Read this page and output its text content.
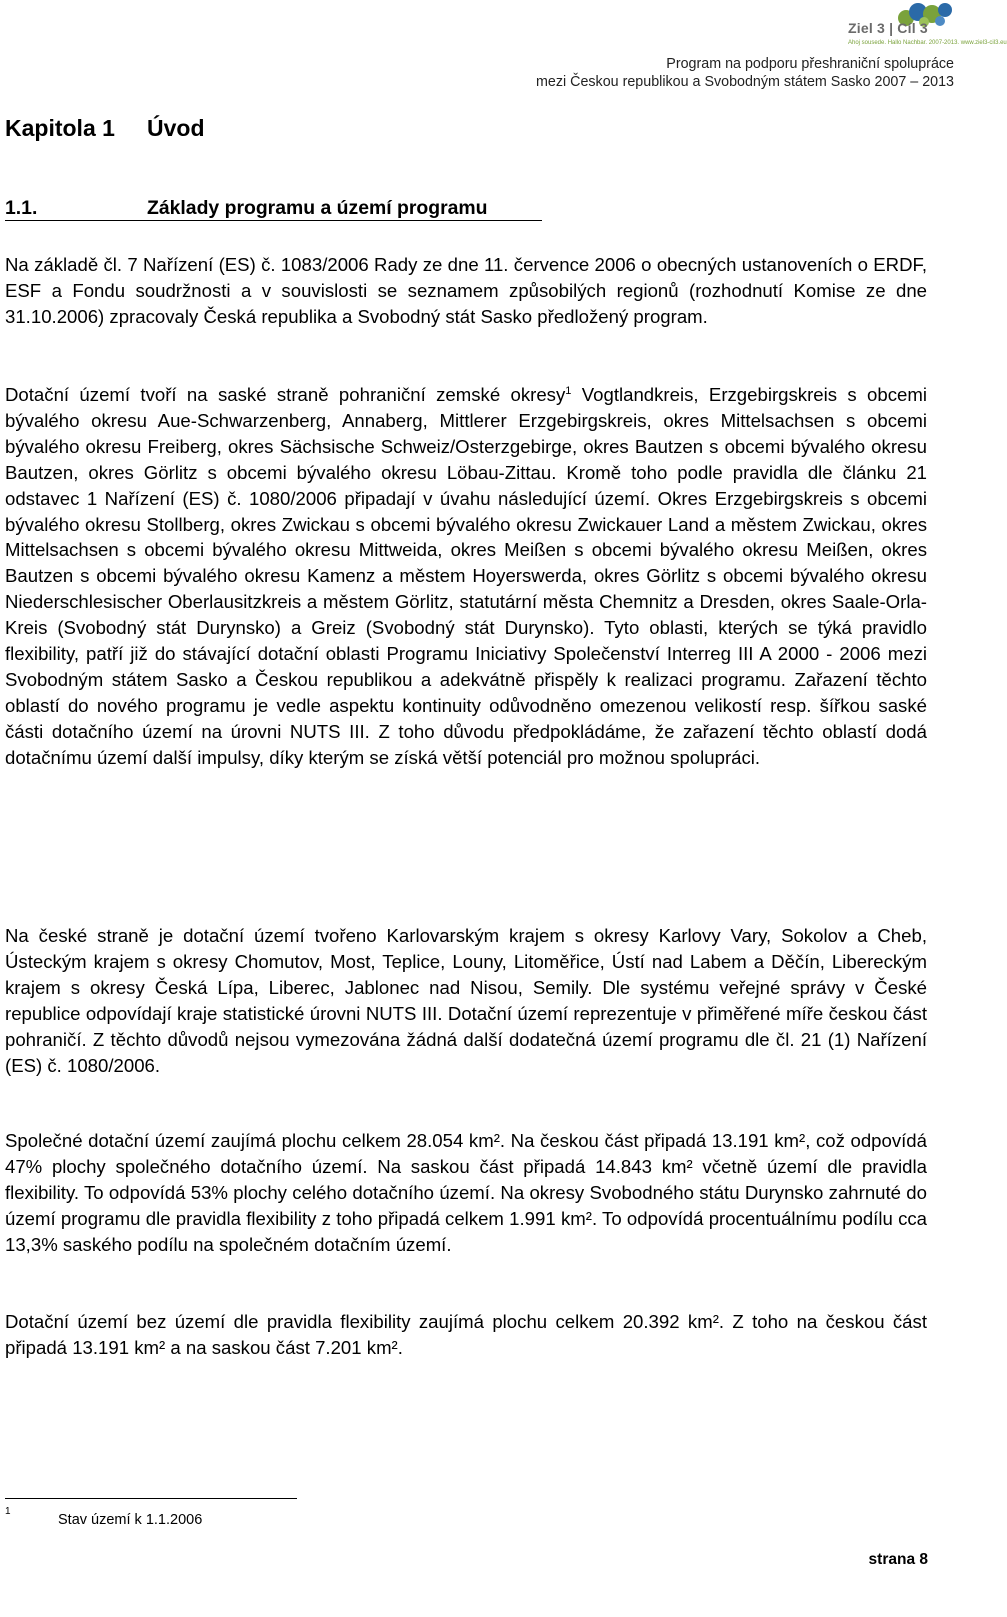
Ziel 3 | Cíl 3
Ahoj sousede. Hallo Nachbar. 2007-2013. www.ziel3-cil3.eu
Program na podporu přeshraniční spolupráce
mezi Českou republikou a Svobodným státem Sasko 2007 – 2013
Kapitola 1 Úvod
1.1.	Základy programu a území programu

Na základě čl. 7 Nařízení (ES) č. 1083/2006 Rady ze dne 11. července 2006 o obecných ustanoveních o ERDF, ESF a Fondu soudržnosti a v souvislosti se seznamem způsobilých regionů (rozhodnutí Komise ze dne 31.10.2006) zpracovaly Česká republika a Svobodný stát Sasko předložený program.

Dotační území tvoří na saské straně pohraniční zemské okresy$^1$ Vogtlandkreis, Erzgebirgskreis s obcemi bývalého okresu Aue-Schwarzenberg, Annaberg, Mittlerer Erzgebirgskreis, okres Mittelsachsen s obcemi bývalého okresu Freiberg, okres Sächsische Schweiz/Osterzgebirge, okres Bautzen s obcemi bývalého okresu Bautzen, okres Görlitz s obcemi bývalého okresu Löbau-Zittau. Kromě toho podle pravidla dle článku 21 odstavec 1 Nařízení (ES) č. 1080/2006 připadají v úvahu následující území. Okres Erzgebirgskreis s obcemi bývalého okresu Stollberg, okres Zwickau s obcemi bývalého okresu Zwickauer Land a městem Zwickau, okres Mittelsachsen s obcemi bývalého okresu Mittweida, okres Meißen s obcemi bývalého okresu Meißen, okres Bautzen s obcemi bývalého okresu Kamenz a městem Hoyerswerda, okres Görlitz s obcemi bývalého okresu Niederschlesischer Oberlausitzkreis a městem Görlitz, statutární města Chemnitz a Dresden, okres Saale-Orla-Kreis (Svobodný stát Durynsko) a Greiz (Svobodný stát Durynsko). Tyto oblasti, kterých se týká pravidlo flexibility, patří již do stávající dotační oblasti Programu Iniciativy Společenství Interreg III A 2000 - 2006 mezi Svobodným státem Sasko a Českou republikou a adekvátně přispěly k realizaci programu. Zařazení těchto oblastí do nového programu je vedle aspektu kontinuity odůvodněno omezenou velikostí resp. šířkou saské části dotačního území na úrovni NUTS III. Z toho důvodu předpokládáme, že zařazení těchto oblastí dodá dotačnímu území další impulsy, díky kterým se získá větší potenciál pro možnou spolupráci.

Na české straně je dotační území tvořeno Karlovarským krajem s okresy Karlovy Vary, Sokolov a Cheb, Ústeckým krajem s okresy Chomutov, Most, Teplice, Louny, Litoměřice, Ústí nad Labem a Děčín, Libereckým krajem s okresy Česká Lípa, Liberec, Jablonec nad Nisou, Semily. Dle systému veřejné správy v České republice odpovídají kraje statistické úrovni NUTS III. Dotační území reprezentuje v přiměřené míře českou část pohraničí. Z těchto důvodů nejsou vymezována žádná další dodatečná území programu dle čl. 21 (1) Nařízení (ES) č. 1080/2006.

Společné dotační území zaujímá plochu celkem 28.054 km². Na českou část připadá 13.191 km², což odpovídá 47% plochy společného dotačního území. Na saskou část připadá 14.843 km² včetně území dle pravidla flexibility. To odpovídá 53% plochy celého dotačního území. Na okresy Svobodného státu Durynsko zahrnuté do území programu dle pravidla flexibility z toho připadá celkem 1.991 km². To odpovídá procentuálnímu podílu cca 13,3% saského podílu na společném dotačním území.

Dotační území bez území dle pravidla flexibility zaujímá plochu celkem 20.392 km². Z toho na českou část připadá 13.191 km² a na saskou část 7.201 km².

1Stav území k 1.1.2006
strana 8
